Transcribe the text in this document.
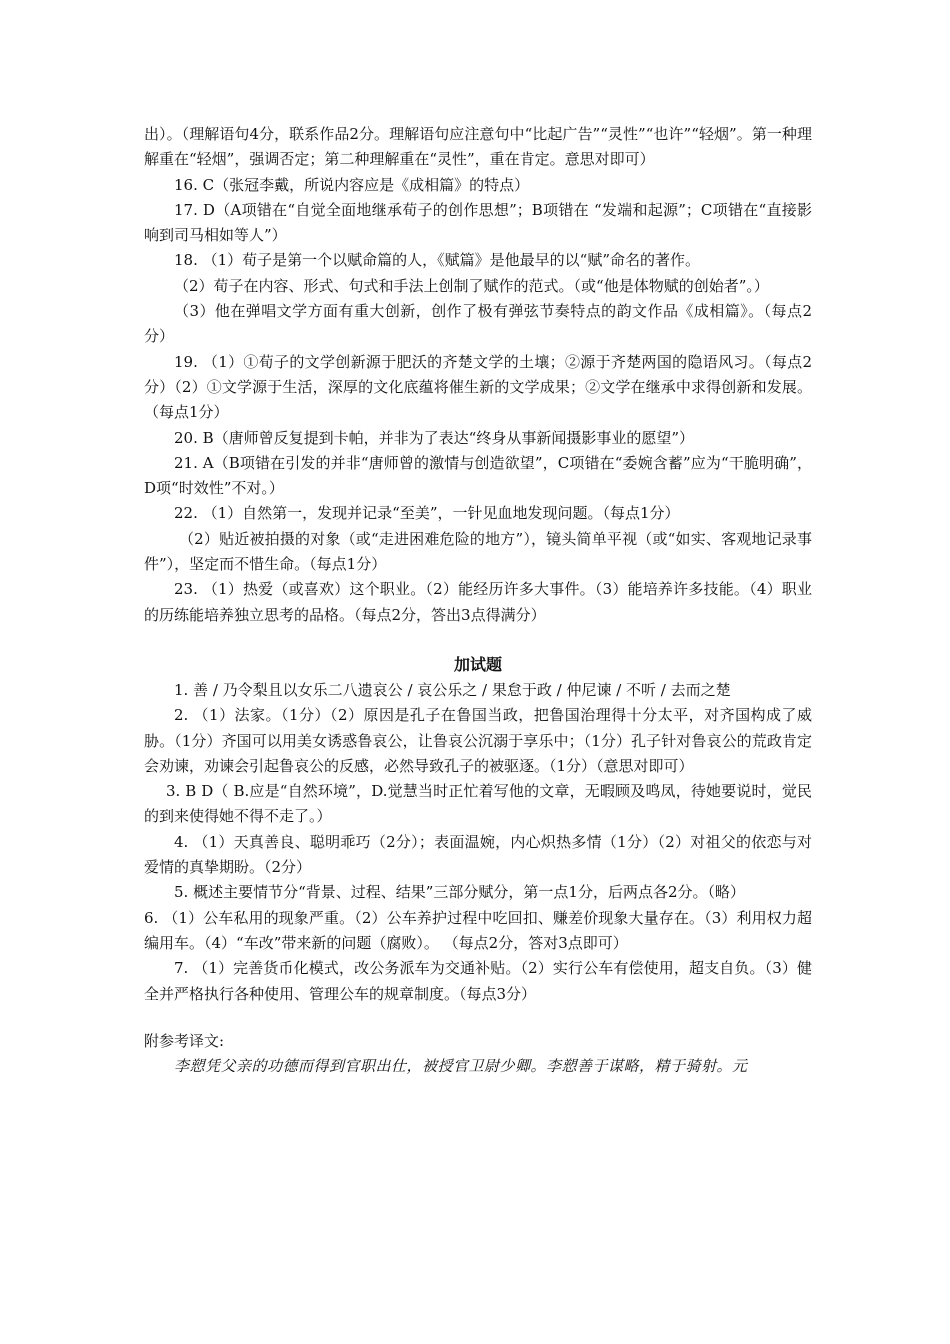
出）。（理解语句4分，联系作品2分。理解语句应注意句中“比起广告”“灵性”“也许”“轻烟”。第一种理解重在“轻烟”，强调否定；第二种理解重在“灵性”，重在肯定。意思对即可）

16. C（张冠李戴，所说内容应是《成相篇》的特点）

17. D（A项错在“自觉全面地继承荀子的创作思想”；B项错在 “发端和起源”；C项错在“直接影响到司马相如等人”）

18. （1）荀子是第一个以赋命篇的人，《赋篇》是他最早的以“赋”命名的著作。

（2）荀子在内容、形式、句式和手法上创制了赋作的范式。（或“他是体物赋的创始者”。）

（3）他在弹唱文学方面有重大创新，创作了极有弹弦节奏特点的韵文作品《成相篇》。（每点2分）

19. （1）①荀子的文学创新源于肥沃的齐楚文学的土壤；②源于齐楚两国的隐语风习。（每点2分）（2）①文学源于生活，深厚的文化底蕴将催生新的文学成果；②文学在继承中求得创新和发展。（每点1分）

20. B（唐师曾反复提到卡帕，并非为了表达“终身从事新闻摄影事业的愿望”）

21. A（B项错在引发的并非“唐师曾的激情与创造欲望”，C项错在“委婉含蓄”应为“干脆明确”，D项“时效性”不对。）

22. （1）自然第一，发现并记录“至美”，一针见血地发现问题。（每点1分）

（2）贴近被拍摄的对象（或“走进困难危险的地方”），镜头简单平视（或“如实、客观地记录事件”），坚定而不惜生命。（每点1分）

23. （1）热爱（或喜欢）这个职业。（2）能经历许多大事件。（3）能培养许多技能。（4）职业的历练能培养独立思考的品格。（每点2分，答出3点得满分）

加试题

1. 善 / 乃令梨且以女乐二八遗哀公 / 哀公乐之 / 果怠于政 / 仲尼谏 / 不听 / 去而之楚

2. （1）法家。（1分）（2）原因是孔子在鲁国当政，把鲁国治理得十分太平，对齐国构成了威胁。（1分）齐国可以用美女诱惑鲁哀公，让鲁哀公沉溺于享乐中；（1分）孔子针对鲁哀公的荒政肯定会劝谏，劝谏会引起鲁哀公的反感，必然导致孔子的被驱逐。（1分）（意思对即可）

3. B D（ B.应是“自然环境”，D.觉慧当时正忙着写他的文章，无暇顾及鸣凤，待她要说时，觉民的到来使得她不得不走了。）

4. （1）天真善良、聪明乖巧（2分）；表面温婉，内心炽热多情（1分）（2）对祖父的依恋与对爱情的真挚期盼。（2分）

5. 概述主要情节分“背景、过程、结果”三部分赋分，第一点1分，后两点各2分。（略）

6. （1）公车私用的现象严重。（2）公车养护过程中吃回扣、赚差价现象大量存在。（3）利用权力超编用车。（4）“车改”带来新的问题（腐败）。 （每点2分，答对3点即可）

7. （1）完善货币化模式，改公务派车为交通补贴。（2）实行公车有偿使用，超支自负。（3）健全并严格执行各种使用、管理公车的规章制度。（每点3分）

附参考译文:

李愬凭父亲的功德而得到官职出仕，被授官卫尉少卿。李愬善于谋略，精于骑射。元
